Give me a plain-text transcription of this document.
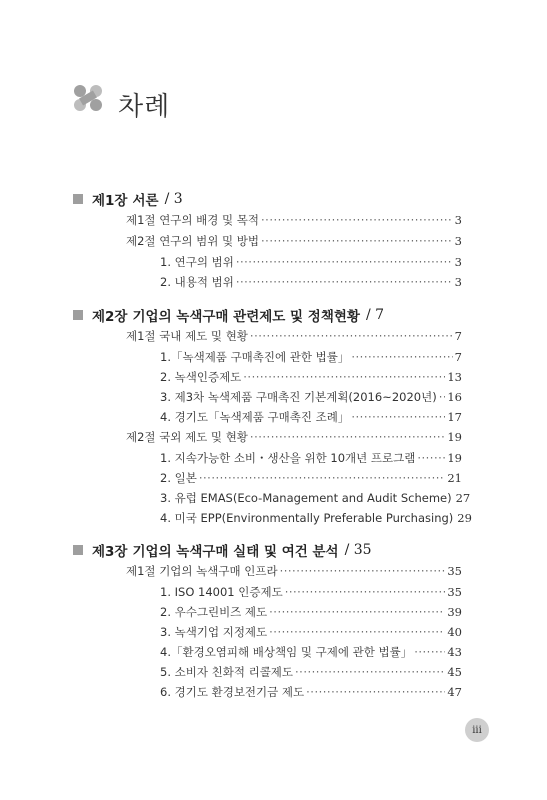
차례
제1장 서론 / 3
제1절 연구의 배경 및 목적 ·····	3
제2절 연구의 범위 및 방법 ·····	3
1. 연구의 범위 ·····	3
2. 내용적 범위 ·····	3
제2장 기업의 녹색구매 관련제도 및 정책현황 / 7
제1절 국내 제도 및 현황 ·····	7
1.「녹색제품 구매촉진에 관한 법률」 ·····	7
2. 녹색인증제도 ·····	13
3. 제3차 녹색제품 구매촉진 기본계획(2016~2020년) ····· 16
4. 경기도「녹색제품 구매촉진 조례」 ·····	17
제2절 국외 제도 및 현황 ·····	19
1. 지속가능한 소비・생산을 위한 10개년 프로그램 ·····	19
2. 일본 ·····	21
3. 유럽 EMAS(Eco-Management and Audit Scheme) 27
4. 미국 EPP(Environmentally Preferable Purchasing) 29
제3장 기업의 녹색구매 실태 및 여건 분석 / 35
제1절 기업의 녹색구매 인프라 ·····	35
1. ISO 14001 인증제도 ·····	35
2. 우수그린비즈 제도 ·····	39
3. 녹색기업 지정제도 ·····	40
4.「환경오염피해 배상책임 및 구제에 관한 법률」 ·····	43
5. 소비자 친화적 리콜제도 ·····	45
6. 경기도 환경보전기금 제도 ·····	47
iii
